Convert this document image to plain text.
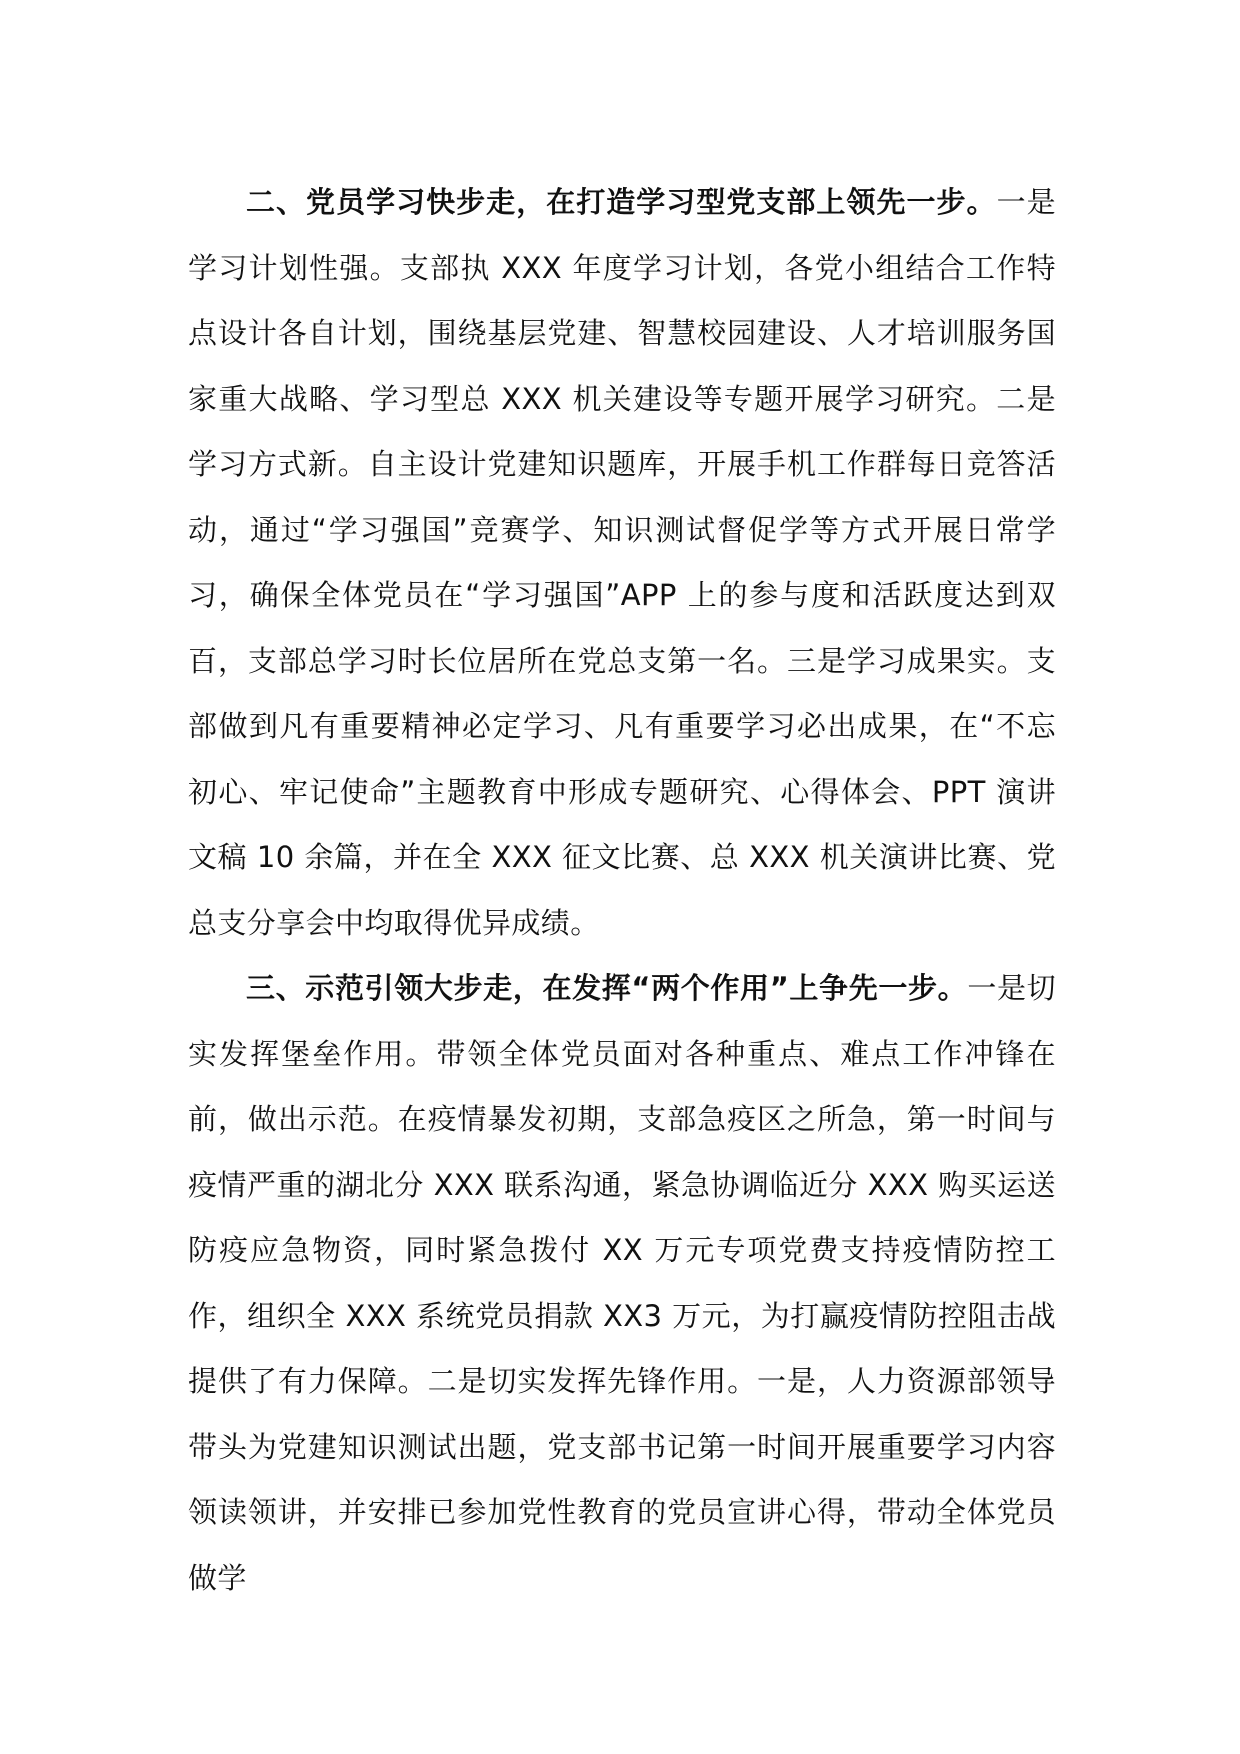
二、党员学习快步走，在打造学习型党支部上领先一步。一是学习计划性强。支部执 XXX 年度学习计划，各党小组结合工作特点设计各自计划，围绕基层党建、智慧校园建设、人才培训服务国家重大战略、学习型总 XXX 机关建设等专题开展学习研究。二是学习方式新。自主设计党建知识题库，开展手机工作群每日竞答活动，通过“学习强国”竞赛学、知识测试督促学等方式开展日常学习，确保全体党员在“学习强国”APP 上的参与度和活跃度达到双百，支部总学习时长位居所在党总支第一名。三是学习成果实。支部做到凡有重要精神必定学习、凡有重要学习必出成果，在“不忘初心、牢记使命”主题教育中形成专题研究、心得体会、PPT 演讲文稿 10 余篇，并在全 XXX 征文比赛、总 XXX 机关演讲比赛、党总支分享会中均取得优异成绩。

三、示范引领大步走，在发挥“两个作用”上争先一步。一是切实发挥堡垒作用。带领全体党员面对各种重点、难点工作冲锋在前，做出示范。在疫情暴发初期，支部急疫区之所急，第一时间与疫情严重的湖北分 XXX 联系沟通，紧急协调临近分 XXX 购买运送防疫应急物资，同时紧急拨付 XX 万元专项党费支持疫情防控工作，组织全 XXX 系统党员捐款 XX3 万元，为打赢疫情防控阻击战提供了有力保障。二是切实发挥先锋作用。一是，人力资源部领导带头为党建知识测试出题，党支部书记第一时间开展重要学习内容领读领讲，并安排已参加党性教育的党员宣讲心得，带动全体党员做学
